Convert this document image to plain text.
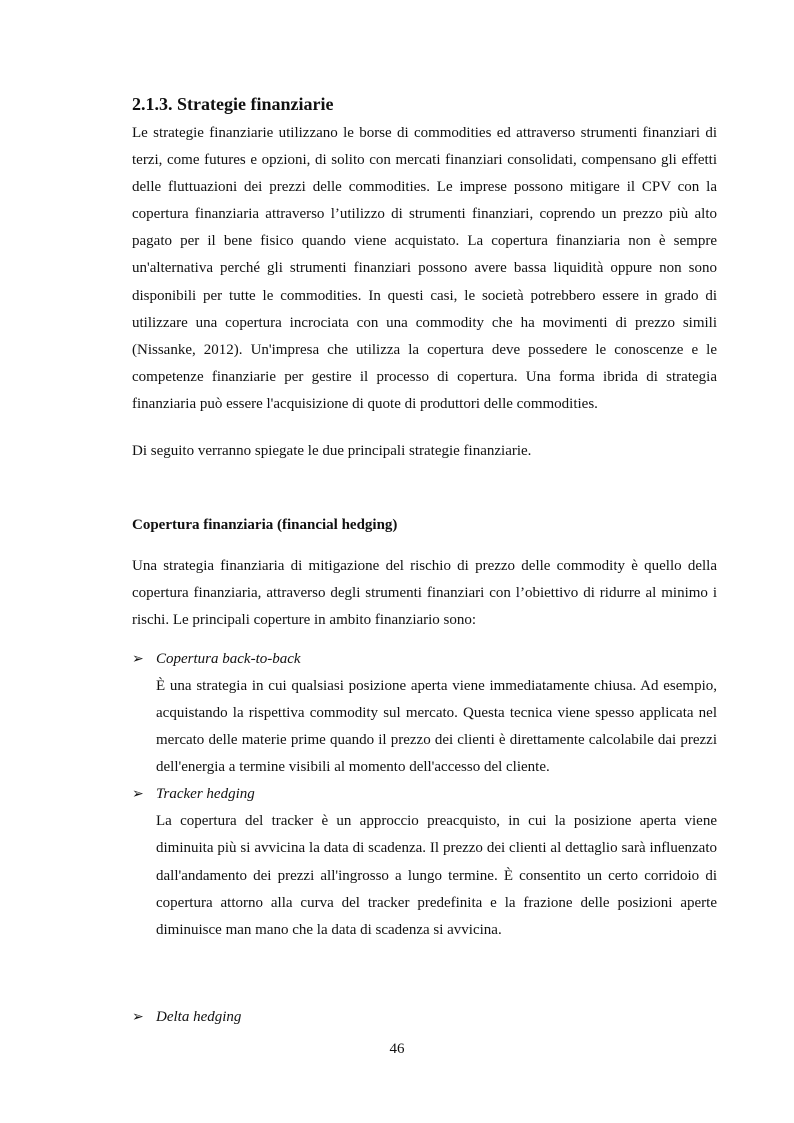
2.1.3. Strategie finanziarie

Le strategie finanziarie utilizzano le borse di commodities ed attraverso strumenti finanziari di terzi, come futures e opzioni, di solito con mercati finanziari consolidati, compensano gli effetti delle fluttuazioni dei prezzi delle commodities. Le imprese possono mitigare il CPV con la copertura finanziaria attraverso l’utilizzo di strumenti finanziari, coprendo un prezzo più alto pagato per il bene fisico quando viene acquistato. La copertura finanziaria non è sempre un'alternativa perché gli strumenti finanziari possono avere bassa liquidità oppure non sono disponibili per tutte le commodities. In questi casi, le società potrebbero essere in grado di utilizzare una copertura incrociata con una commodity che ha movimenti di prezzo simili (Nissanke, 2012). Un'impresa che utilizza la copertura deve possedere le conoscenze e le competenze finanziarie per gestire il processo di copertura. Una forma ibrida di strategia finanziaria può essere l'acquisizione di quote di produttori delle commodities.

Di seguito verranno spiegate le due principali strategie finanziarie.

Copertura finanziaria (financial hedging)

Una strategia finanziaria di mitigazione del rischio di prezzo delle commodity è quello della copertura finanziaria, attraverso degli strumenti finanziari con l’obiettivo di ridurre al minimo i rischi. Le principali coperture in ambito finanziario sono:

➢ Copertura back-to-back

È una strategia in cui qualsiasi posizione aperta viene immediatamente chiusa. Ad esempio, acquistando la rispettiva commodity sul mercato. Questa tecnica viene spesso applicata nel mercato delle materie prime quando il prezzo dei clienti è direttamente calcolabile dai prezzi dell'energia a termine visibili al momento dell'accesso del cliente.

➢ Tracker hedging

La copertura del tracker è un approccio preacquisto, in cui la posizione aperta viene diminuita più si avvicina la data di scadenza. Il prezzo dei clienti al dettaglio sarà influenzato dall'andamento dei prezzi all'ingrosso a lungo termine. È consentito un certo corridoio di copertura attorno alla curva del tracker predefinita e la frazione delle posizioni aperte diminuisce man mano che la data di scadenza si avvicina.

➢ Delta hedging

46
